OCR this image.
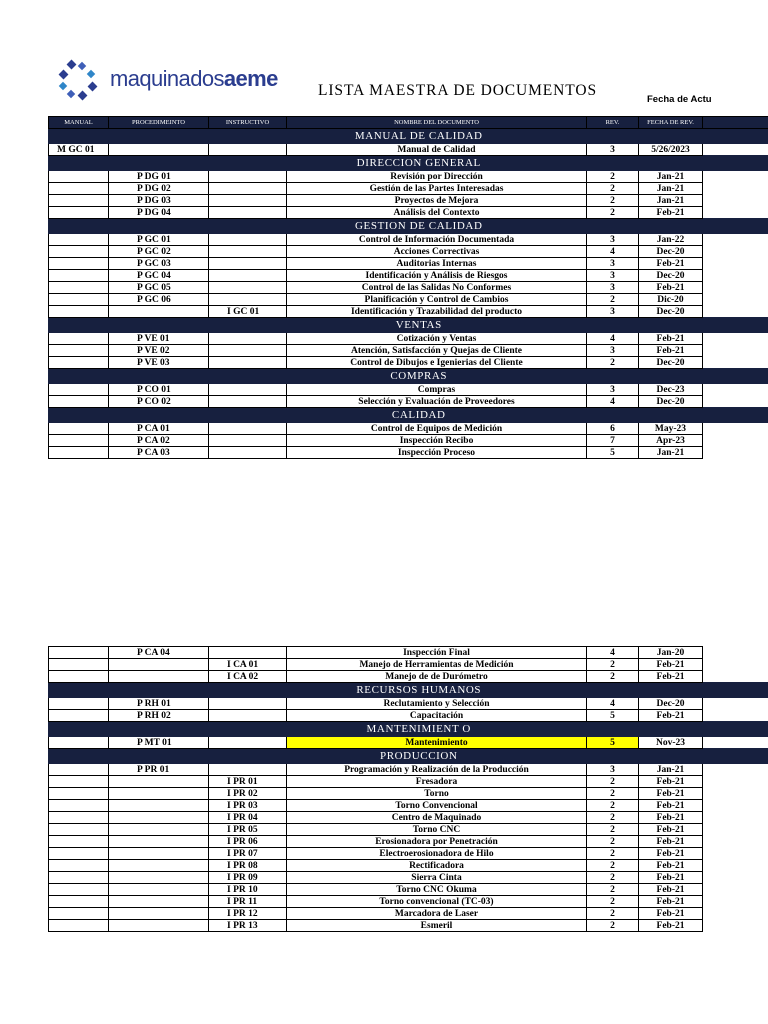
maquinadosaeme	LISTA MAESTRA DE DOCUMENTOS
Fecha de Actu
MANUAL	PROCEDIMEINTO	INSTRUCTIVO	NOMBRE DEL DOCUMENTO	REV.	FECHA DE REV.	
MANUAL DE CALIDAD						
M GC 01			Manual de Calidad	3	5/26/2023	
DIRECCION GENERAL						
	P DG 01		Revisión por Dirección	2	Jan-21	
	P DG 02		Gestión de las Partes Interesadas	2	Jan-21	
	P DG 03		Proyectos de Mejora	2	Jan-21	
	P DG 04		Análisis del Contexto	2	Feb-21	
GESTION DE CALIDAD						
	P GC 01		Control de Información Documentada	3	Jan-22	
	P GC 02		Acciones Correctivas	4	Dec-20	
	P GC 03		Auditorias Internas	3	Feb-21	
	P GC 04		Identificación y Análisis de Riesgos	3	Dec-20	
	P GC 05		Control de las Salidas No Conformes	3	Feb-21	
	P GC 06		Planificación y Control de Cambios	2	Dic-20	
		I GC 01	Identificación y Trazabilidad del producto	3	Dec-20	
VENTAS						
	P VE 01		Cotización y Ventas	4	Feb-21	
	P VE 02		Atención, Satisfacción y Quejas de Cliente	3	Feb-21	
	P VE 03		Control de Dibujos e Igenierias del Cliente	2	Dec-20	
COMPRAS						
	P CO 01		Compras	3	Dec-23	
	P CO 02		Selección y Evaluación de Proveedores	4	Dec-20	
CALIDAD						
	P CA 01		Control de Equipos de Medición	6	May-23	
	P CA 02		Inspección Recibo	7	Apr-23	
	P CA 03		Inspección Proceso	5	Jan-21	
	P CA 04		Inspección Final	4	Jan-20	
		I CA 01	Manejo de Herramientas de Medición	2	Feb-21	
		I CA 02	Manejo de de Durómetro	2	Feb-21	
RECURSOS HUMANOS						
	P RH 01		Reclutamiento y Selección	4	Dec-20	
	P RH 02		Capacitación	5	Feb-21	
MANTENIMIENT O						
	P MT 01		Mantenimiento	5	Nov-23	
PRODUCCION						
	P PR 01		Programación y Realización de la Producción	3	Jan-21	
		I PR 01	Fresadora	2	Feb-21	
		I PR 02	Torno	2	Feb-21	
		I PR 03	Torno Convencional	2	Feb-21	
		I PR 04	Centro de Maquinado	2	Feb-21	
		I PR 05	Torno CNC	2	Feb-21	
		I PR 06	Erosionadora por Penetración	2	Feb-21	
		I PR 07	Electroerosionadora de Hilo	2	Feb-21	
		I PR 08	Rectificadora	2	Feb-21	
		I PR 09	Sierra Cinta	2	Feb-21	
		I PR 10	Torno CNC Okuma	2	Feb-21	
		I PR 11	Torno convencional (TC-03)	2	Feb-21	
		I PR 12	Marcadora de Laser	2	Feb-21	
		I PR 13	Esmeril	2	Feb-21	
